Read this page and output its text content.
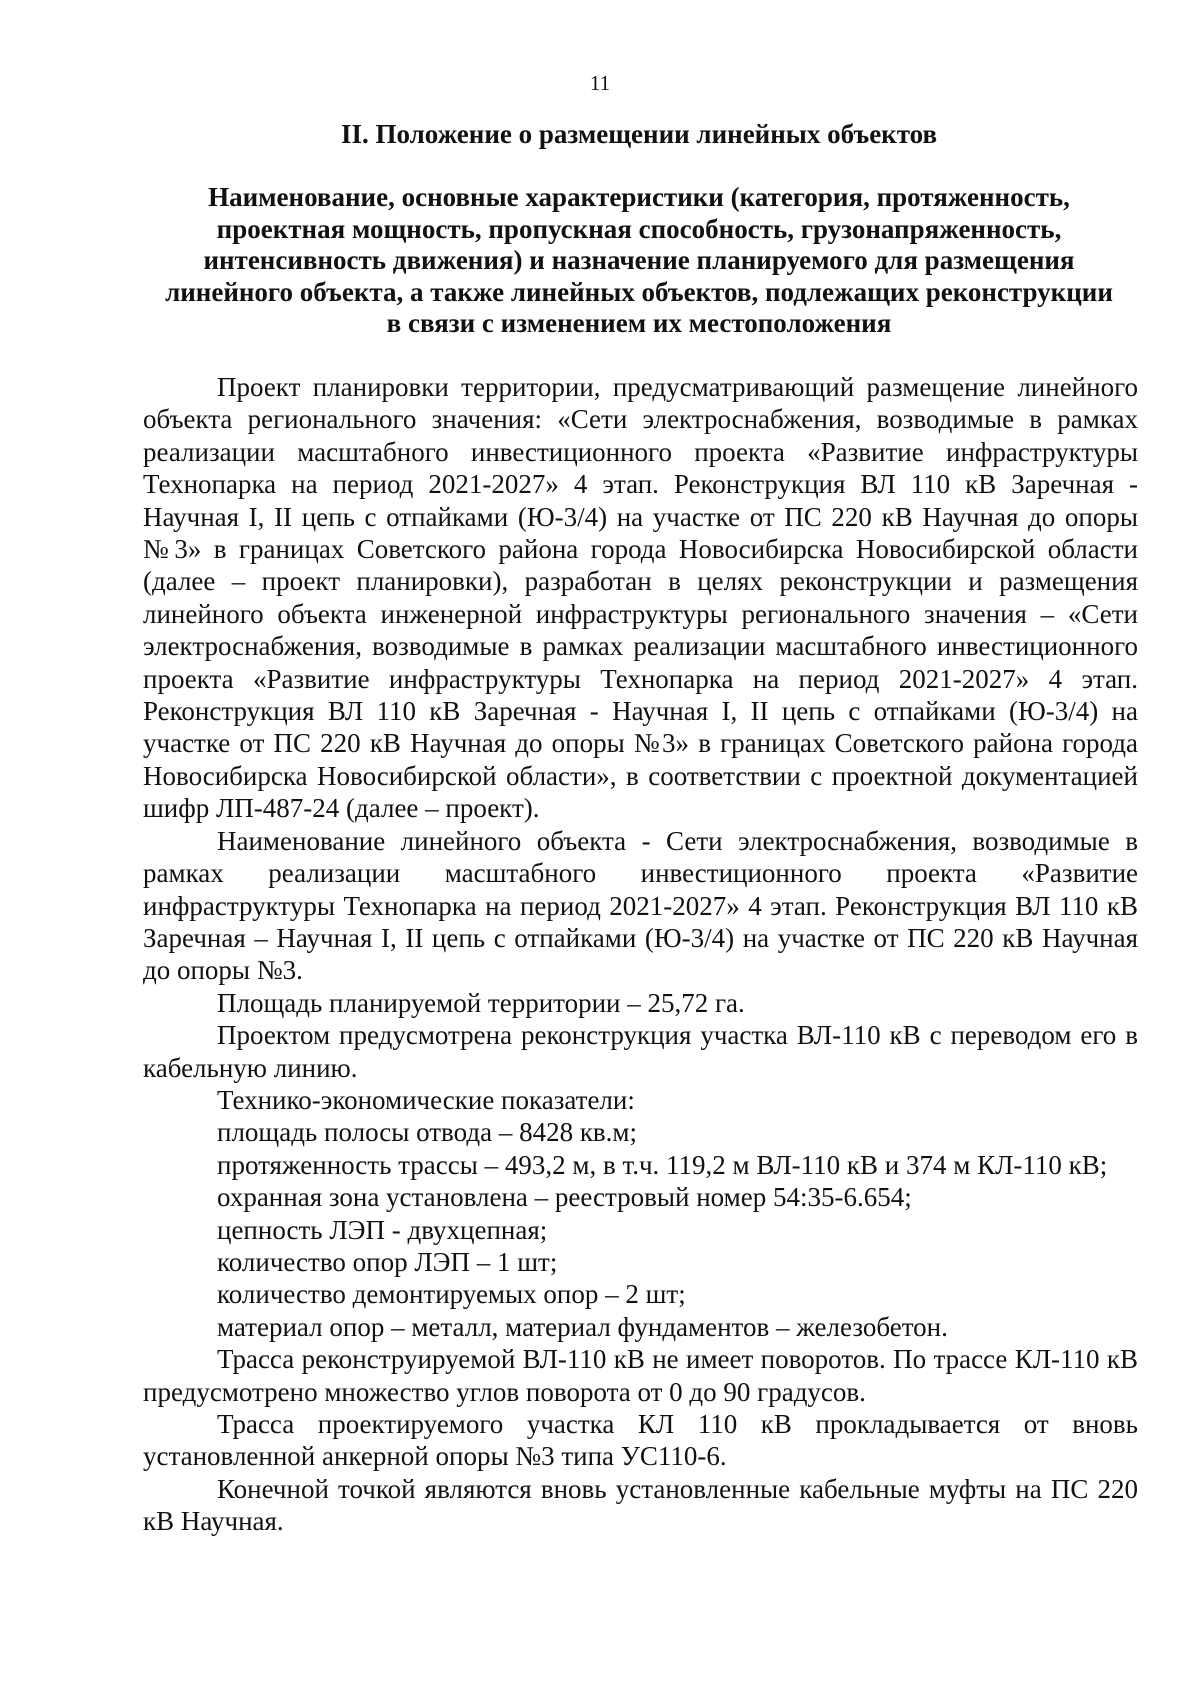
11
II. Положение о размещении линейных объектов
Наименование, основные характеристики (категория, протяженность,
проектная мощность, пропускная способность, грузонапряженность,
интенсивность движения) и назначение планируемого для размещения
линейного объекта, а также линейных объектов, подлежащих реконструкции
в связи с изменением их местоположения

Проект планировки территории, предусматривающий размещение линейного объекта регионального значения: «Сети электроснабжения, возводимые в рамках реализации масштабного инвестиционного проекта «Развитие инфраструктуры Технопарка на период 2021-2027» 4 этап. Реконструкция ВЛ 110 кВ Заречная - Научная I, II цепь с отпайками (Ю-3/4) на участке от ПС 220 кВ Научная до опоры №3» в границах Советского района города Новосибирска Новосибирской области (далее – проект планировки), разработан в целях реконструкции и размещения линейного объекта инженерной инфраструктуры регионального значения – «Сети электроснабжения, возводимые в рамках реализации масштабного инвестиционного проекта «Развитие инфраструктуры Технопарка на период 2021-2027» 4 этап. Реконструкция ВЛ 110 кВ Заречная - Научная I, II цепь с отпайками (Ю-3/4) на участке от ПС 220 кВ Научная до опоры №3» в границах Советского района города Новосибирска Новосибирской области», в соответствии с проектной документацией шифр ЛП-487-24 (далее – проект).

Наименование линейного объекта - Сети электроснабжения, возводимые в рамках реализации масштабного инвестиционного проекта «Развитие инфраструктуры Технопарка на период 2021-2027» 4 этап. Реконструкция ВЛ 110 кВ Заречная – Научная I, II цепь с отпайками (Ю-3/4) на участке от ПС 220 кВ Научная до опоры №3.

Площадь планируемой территории – 25,72 га.

Проектом предусмотрена реконструкция участка ВЛ-110 кВ с переводом его в кабельную линию.

Технико-экономические показатели:

площадь полосы отвода – 8428 кв.м;

протяженность трассы – 493,2 м, в т.ч. 119,2 м ВЛ-110 кВ и 374 м КЛ-110 кВ;

охранная зона установлена – реестровый номер 54:35-6.654;

цепность ЛЭП - двухцепная;

количество опор ЛЭП – 1 шт;

количество демонтируемых опор – 2 шт;

материал опор – металл, материал фундаментов – железобетон.

Трасса реконструируемой ВЛ-110 кВ не имеет поворотов. По трассе КЛ-110 кВ предусмотрено множество углов поворота от 0 до 90 градусов.

Трасса проектируемого участка КЛ 110 кВ прокладывается от вновь установленной анкерной опоры №3 типа УС110-6.

Конечной точкой являются вновь установленные кабельные муфты на ПС 220 кВ Научная.
